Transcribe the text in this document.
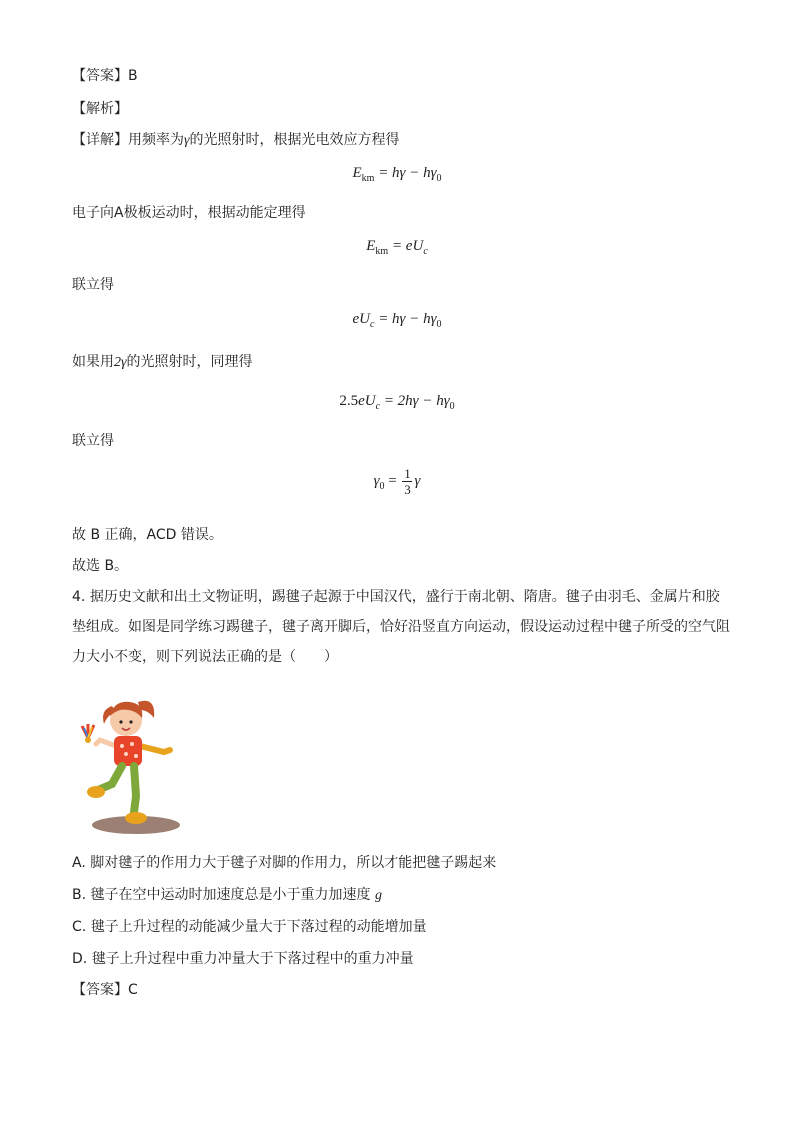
【答案】B
【解析】
【详解】用频率为γ的光照射时，根据光电效应方程得
$E_{km} = h\gamma - h\gamma_0$
电子向A极板运动时，根据动能定理得
$E_{km} = eU_c$
联立得
$eU_c = h\gamma - h\gamma_0$
如果用2γ的光照射时，同理得
$2.5eU_c = 2h\gamma - h\gamma_0$
联立得
$\gamma_0 = \frac{1}{3}$ γ
故 B 正确，ACD 错误。
故选 B。
4. 据历史文献和出土文物证明，踢毽子起源于中国汉代，盛行于南北朝、隋唐。毽子由羽毛、金属片和胶垫组成。如图是同学练习踢毽子，毽子离开脚后，恰好沿竖直方向运动，假设运动过程中毽子所受的空气阻力大小不变，则下列说法正确的是（　　）
A. 脚对毽子的作用力大于毽子对脚的作用力，所以才能把毽子踢起来
B. 毽子在空中运动时加速度总是小于重力加速度 g
C. 毽子上升过程的动能减少量大于下落过程的动能增加量
D. 毽子上升过程中重力冲量大于下落过程中的重力冲量
【答案】C
